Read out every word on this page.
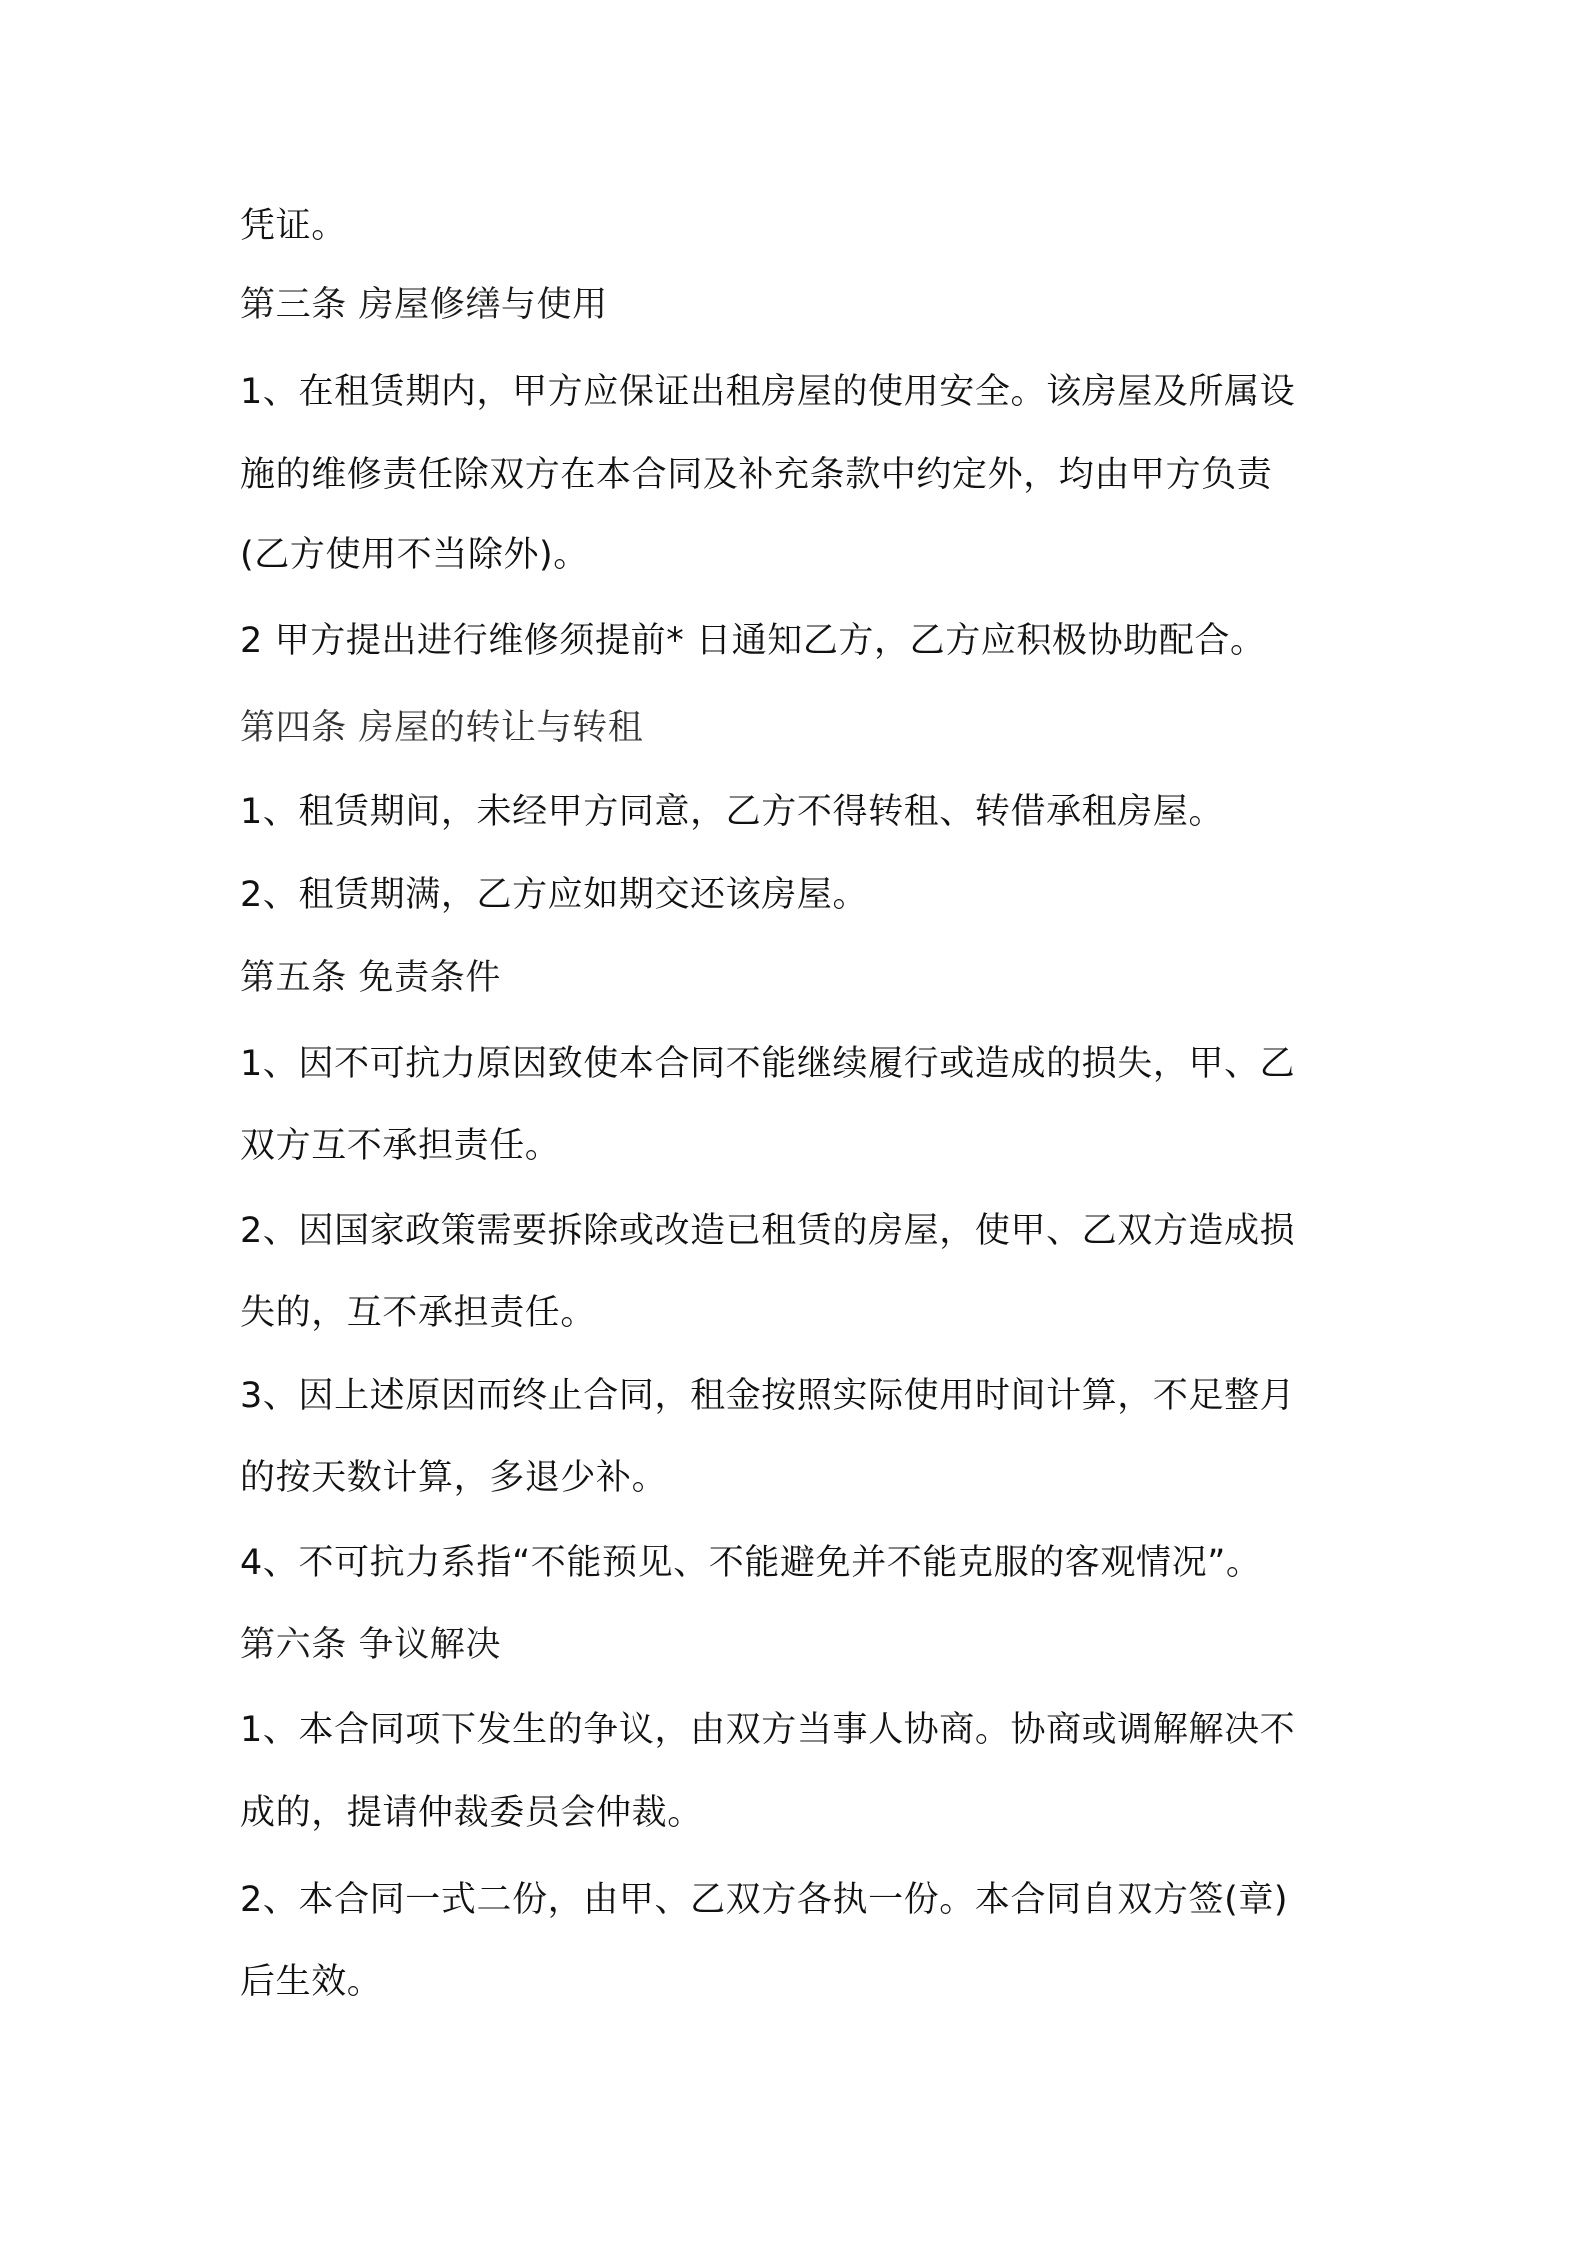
凭证。
第三条 房屋修缮与使用
1、在租赁期内，甲方应保证出租房屋的使用安全。该房屋及所属设
施的维修责任除双方在本合同及补充条款中约定外，均由甲方负责
(乙方使用不当除外)。
2 甲方提出进行维修须提前* 日通知乙方，乙方应积极协助配合。
第四条 房屋的转让与转租
1、租赁期间，未经甲方同意，乙方不得转租、转借承租房屋。
2、租赁期满，乙方应如期交还该房屋。
第五条 免责条件
1、因不可抗力原因致使本合同不能继续履行或造成的损失，甲、乙
双方互不承担责任。
2、因国家政策需要拆除或改造已租赁的房屋，使甲、乙双方造成损
失的，互不承担责任。
3、因上述原因而终止合同，租金按照实际使用时间计算，不足整月
的按天数计算，多退少补。
4、不可抗力系指“不能预见、不能避免并不能克服的客观情况”。
第六条 争议解决
1、本合同项下发生的争议，由双方当事人协商。协商或调解解决不
成的，提请仲裁委员会仲裁。
2、本合同一式二份，由甲、乙双方各执一份。本合同自双方签(章)
后生效。
